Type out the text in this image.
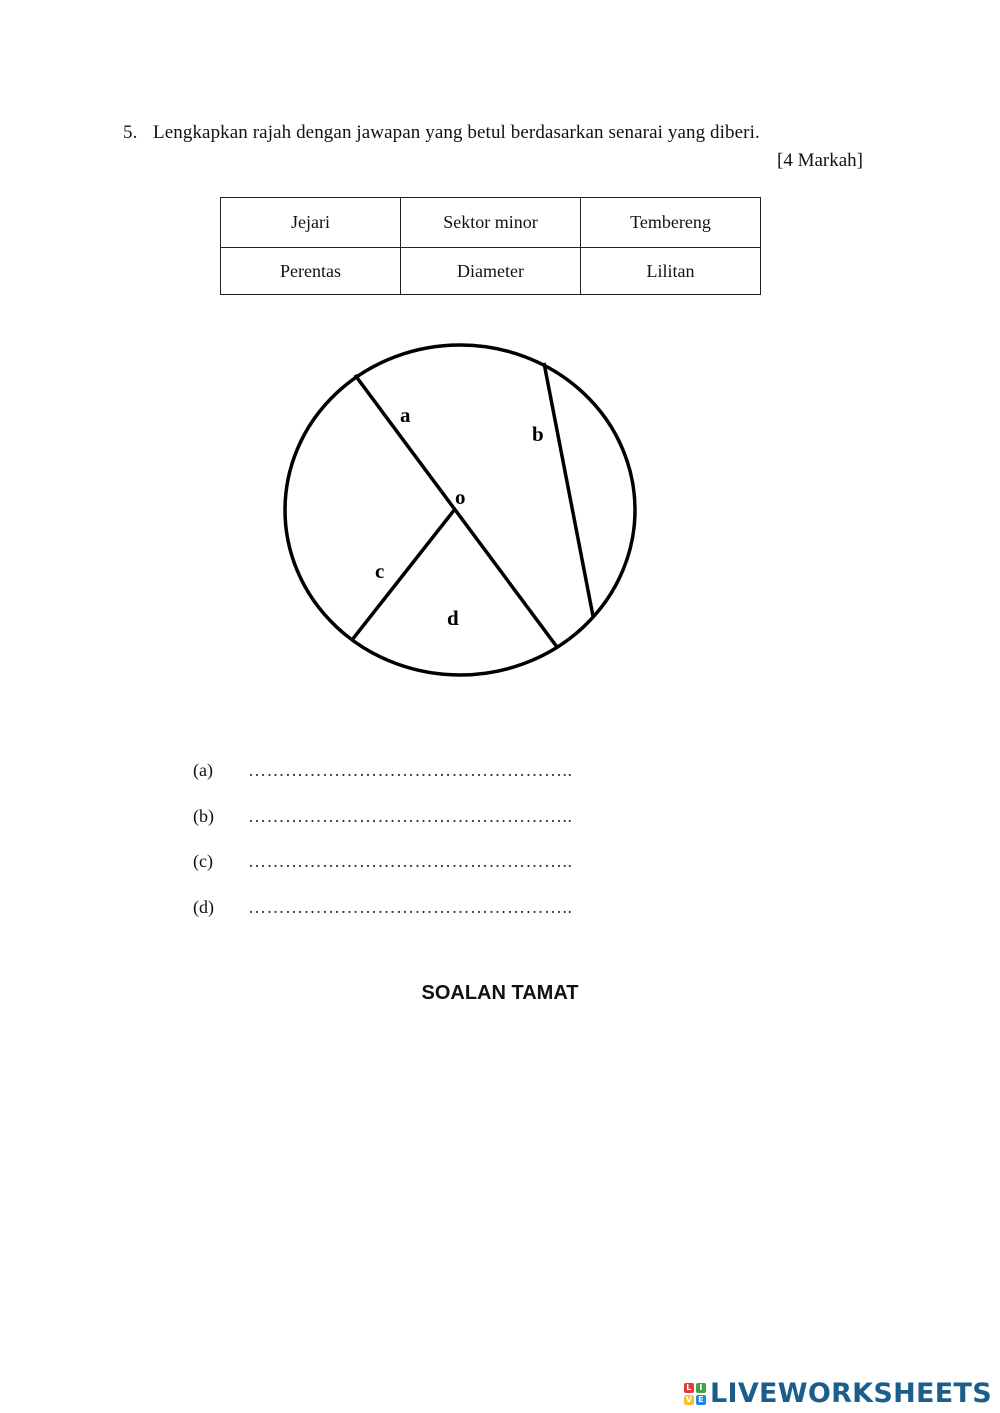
5. Lengkapkan rajah dengan jawapan yang betul berdasarkan senarai yang diberi.
[4 Markah]
Jejari	Sektor minor	Tembereng
Perentas	Diameter	Lilitan
a
b
o
c
d
(a)	……………………………………………..
(b)	……………………………………………..
(c)	……………………………………………..
(d)	……………………………………………..
SOALAN TAMAT
L I
V E LIVEWORKSHEETS
